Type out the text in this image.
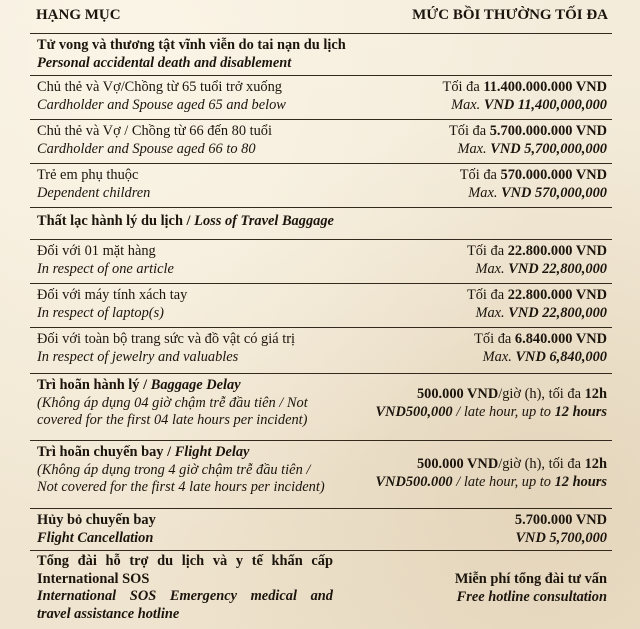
HẠNG MỤC	MỨC BỒI THƯỜNG TỐI ĐA
Tử vong và thương tật vĩnh viễn do tai nạn du lịch
Personal accidental death and disablement
Chủ thẻ và Vợ/Chồng từ 65 tuổi trở xuống
Cardholder and Spouse aged 65 and below
Tối đa 11.400.000.000 VND
Max. VND 11,400,000,000
Chủ thẻ và Vợ / Chồng từ 66 đến 80 tuổi
Cardholder and Spouse aged 66 to 80
Tối đa 5.700.000.000 VND
Max. VND 5,700,000,000
Trẻ em phụ thuộc
Dependent children
Tối đa 570.000.000 VND
Max. VND 570,000,000
Thất lạc hành lý du lịch / Loss of Travel Baggage
Đối với 01 mặt hàng
In respect of one article
Tối đa 22.800.000 VND
Max. VND 22,800,000
Đối với máy tính xách tay
In respect of laptop(s)
Tối đa 22.800.000 VND
Max. VND 22,800,000
Đối với toàn bộ trang sức và đồ vật có giá trị
In respect of jewelry and valuables
Tối đa 6.840.000 VND
Max. VND 6,840,000
Trì hoãn hành lý / Baggage Delay
(Không áp dụng 04 giờ chậm trễ đầu tiên / Not
covered for the first 04 late hours per incident)
500.000 VND/giờ (h), tối đa 12h
VND500,000 / late hour, up to 12 hours
Trì hoãn chuyến bay / Flight Delay
(Không áp dụng trong 4 giờ chậm trễ đầu tiên /
Not covered for the first 4 late hours per incident)
500.000 VND/giờ (h), tối đa 12h
VND500.000 / late hour, up to 12 hours
Hủy bỏ chuyến bay
Flight Cancellation
5.700.000 VND
VND 5,700,000
Tổng đài hỗ trợ du lịch và y tế khẩn cấp
International SOS
International SOS Emergency medical and
travel assistance hotline
Miễn phí tổng đài tư vấn
Free hotline consultation
